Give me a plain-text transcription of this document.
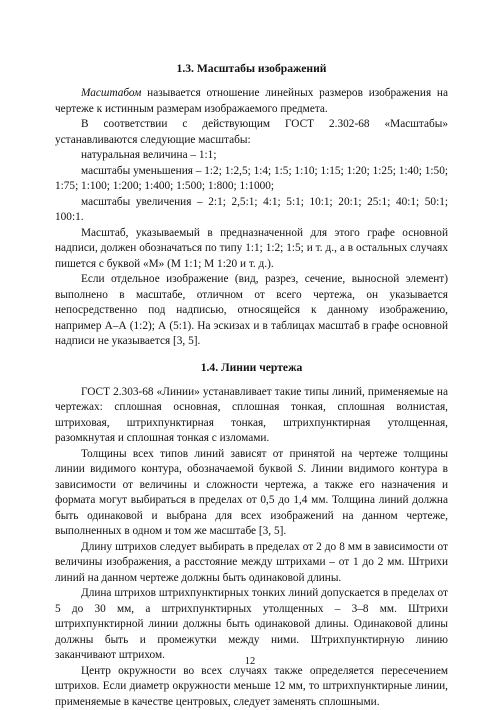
1.3. Масштабы изображений

Масштабом называется отношение линейных размеров изображения на чертеже к истинным размерам изображаемого предмета.

В соответствии с действующим ГОСТ 2.302-68 «Масштабы» устанавливаются следующие масштабы:

натуральная величина – 1:1;

масштабы уменьшения – 1:2; 1:2,5; 1:4; 1:5; 1:10; 1:15; 1:20; 1:25; 1:40; 1:50; 1:75; 1:100; 1:200; 1:400; 1:500; 1:800; 1:1000;

масштабы увеличения – 2:1; 2,5:1; 4:1; 5:1; 10:1; 20:1; 25:1; 40:1; 50:1; 100:1.

Масштаб, указываемый в предназначенной для этого графе основной надписи, должен обозначаться по типу 1:1; 1:2; 1:5; и т. д., а в остальных случаях пишется с буквой «М» (М 1:1; М 1:20 и т. д.).

Если отдельное изображение (вид, разрез, сечение, выносной элемент) выполнено в масштабе, отличном от всего чертежа, он указывается непосредственно под надписью, относящейся к данному изображению, например А–А (1:2); А (5:1). На эскизах и в таблицах масштаб в графе основной надписи не указывается [3, 5].

1.4. Линии чертежа

ГОСТ 2.303-68 «Линии» устанавливает такие типы линий, применяемые на чертежах: сплошная основная, сплошная тонкая, сплошная волнистая, штриховая, штрихпунктирная тонкая, штрихпунктирная утолщенная, разомкнутая и сплошная тонкая с изломами.

Толщины всех типов линий зависят от принятой на чертеже толщины линии видимого контура, обозначаемой буквой S. Линии видимого контура в зависимости от величины и сложности чертежа, а также его назначения и формата могут выбираться в пределах от 0,5 до 1,4 мм. Толщина линий должна быть одинаковой и выбрана для всех изображений на данном чертеже, выполненных в одном и том же масштабе [3, 5].

Длину штрихов следует выбирать в пределах от 2 до 8 мм в зависимости от величины изображения, а расстояние между штрихами – от 1 до 2 мм. Штрихи линий на данном чертеже должны быть одинаковой длины.

Длина штрихов штрихпунктирных тонких линий допускается в пределах от 5 до 30 мм, а штрихпунктирных утолщенных – 3–8 мм. Штрихи штрихпунктирной линии должны быть одинаковой длины. Одинаковой длины должны быть и промежутки между ними. Штрихпунктирную линию заканчивают штрихом.

Центр окружности во всех случаях также определяется пересечением штрихов. Если диаметр окружности меньше 12 мм, то штрихпунктирные линии, применяемые в качестве центровых, следует заменять сплошными.

12
